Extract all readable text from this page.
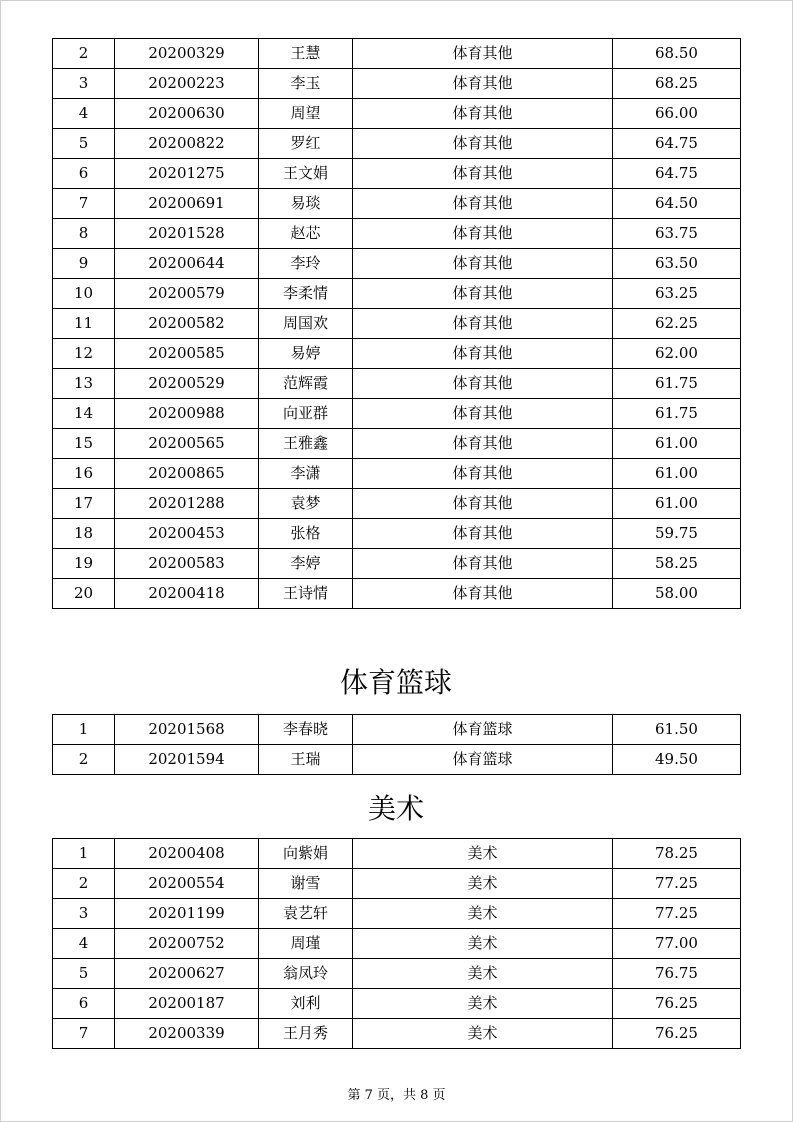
2	20200329	王慧	体育其他	68.50
3	20200223	李玉	体育其他	68.25
4	20200630	周望	体育其他	66.00
5	20200822	罗红	体育其他	64.75
6	20201275	王文娟	体育其他	64.75
7	20200691	易琰	体育其他	64.50
8	20201528	赵芯	体育其他	63.75
9	20200644	李玲	体育其他	63.50
10	20200579	李柔情	体育其他	63.25
11	20200582	周国欢	体育其他	62.25
12	20200585	易婷	体育其他	62.00
13	20200529	范辉霞	体育其他	61.75
14	20200988	向亚群	体育其他	61.75
15	20200565	王雅鑫	体育其他	61.00
16	20200865	李潇	体育其他	61.00
17	20201288	袁梦	体育其他	61.00
18	20200453	张格	体育其他	59.75
19	20200583	李婷	体育其他	58.25
20	20200418	王诗情	体育其他	58.00
体育篮球
1	20201568	李春晓	体育篮球	61.50
2	20201594	王瑞	体育篮球	49.50
美术
1	20200408	向紫娟	美术	78.25
2	20200554	谢雪	美术	77.25
3	20201199	袁艺轩	美术	77.25
4	20200752	周瑾	美术	77.00
5	20200627	翁凤玲	美术	76.75
6	20200187	刘利	美术	76.25
7	20200339	王月秀	美术	76.25
第 7 页，共 8 页
